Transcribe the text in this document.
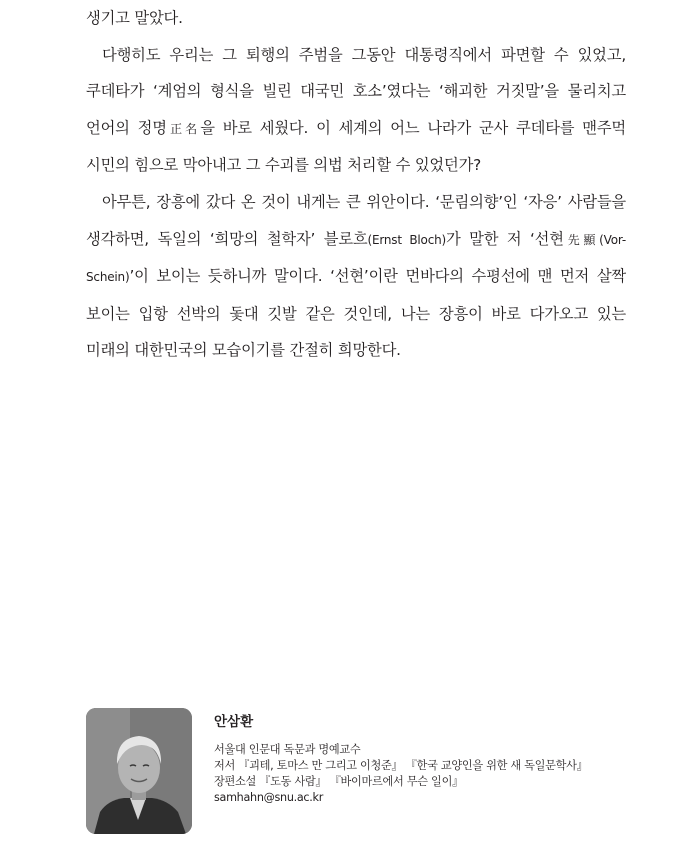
생기고 말았다.

다행히도 우리는 그 퇴행의 주범을 그동안 대통령직에서 파면할 수 있었고, 쿠데타가 ‘계엄의 형식을 빌린 대국민 호소’였다는 ‘해괴한 거짓말’을 물리치고 언어의 정명正名을 바로 세웠다. 이 세계의 어느 나라가 군사 쿠데타를 맨주먹 시민의 힘으로 막아내고 그 수괴를 의법 처리할 수 있었던가?

아무튼, 장흥에 갔다 온 것이 내게는 큰 위안이다. ‘문림의향’인 ‘자응’ 사람들을 생각하면, 독일의 ‘희망의 철학자’ 블로흐(Ernst Bloch)가 말한 저 ‘선현先顯(Vor-Schein)’이 보이는 듯하니까 말이다. ‘선현’이란 먼바다의 수평선에 맨 먼저 살짝 보이는 입항 선박의 돛대 깃발 같은 것인데, 나는 장흥이 바로 다가오고 있는 미래의 대한민국의 모습이기를 간절히 희망한다.

안삼환
서울대 인문대 독문과 명예교수
저서 『괴테, 토마스 만 그리고 이청준』 『한국 교양인을 위한 새 독일문학사』
장편소설 『도동 사람』 『바이마르에서 무슨 일이』
samhahn@snu.ac.kr
